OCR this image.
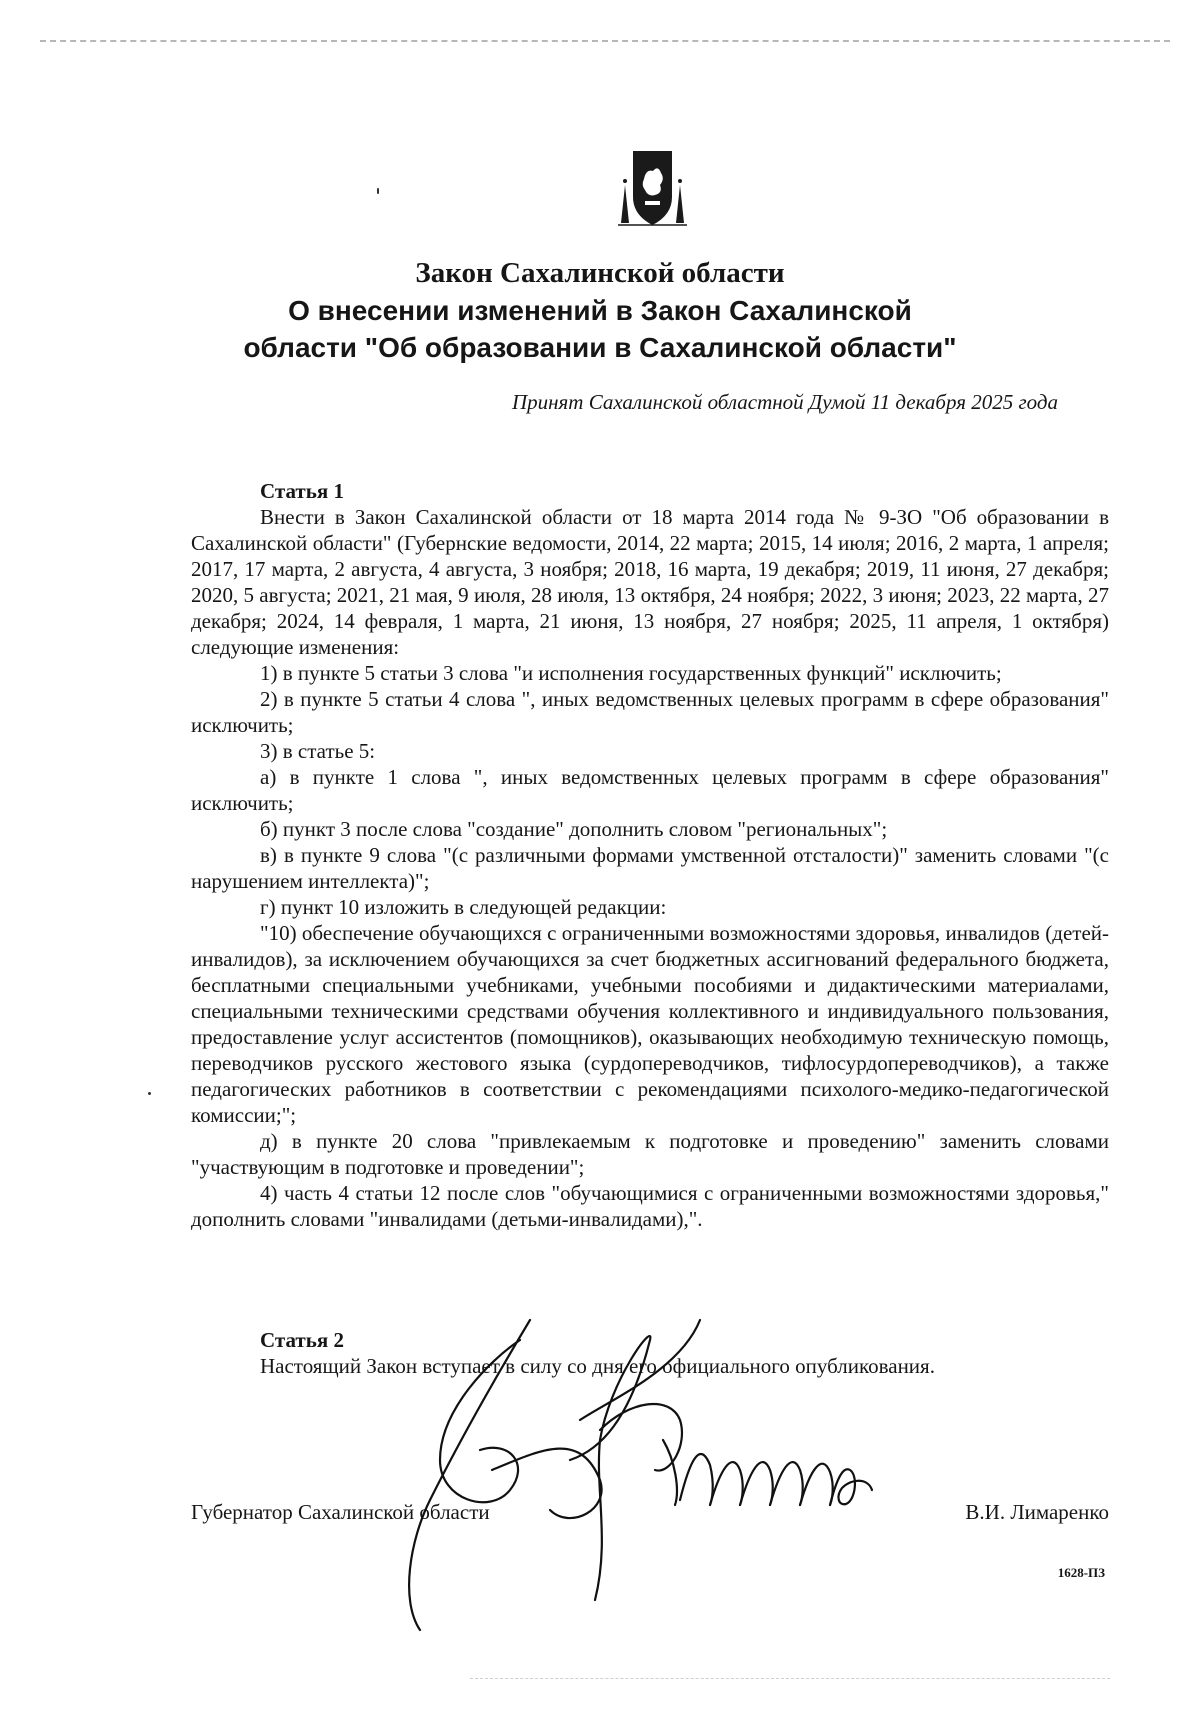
Закон Сахалинской области
О внесении изменений в Закон Сахалинской
области "Об образовании в Сахалинской области"
Принят Сахалинской областной Думой 11 декабря 2025 года
Статья 1
Внести в Закон Сахалинской области от 18 марта 2014 года № 9-ЗО "Об образовании в Сахалинской области" (Губернские ведомости, 2014, 22 марта; 2015, 14 июля; 2016, 2 марта, 1 апреля; 2017, 17 марта, 2 августа, 4 августа, 3 ноября; 2018, 16 марта, 19 декабря; 2019, 11 июня, 27 декабря; 2020, 5 августа; 2021, 21 мая, 9 июля, 28 июля, 13 октября, 24 ноября; 2022, 3 июня; 2023, 22 марта, 27 декабря; 2024, 14 февраля, 1 марта, 21 июня, 13 ноября, 27 ноября; 2025, 11 апреля, 1 октября) следующие изменения:
1) в пункте 5 статьи 3 слова "и исполнения государственных функций" исключить;
2) в пункте 5 статьи 4 слова ", иных ведомственных целевых программ в сфере образования" исключить;
3) в статье 5:
а) в пункте 1 слова ", иных ведомственных целевых программ в сфере образования" исключить;
б) пункт 3 после слова "создание" дополнить словом "региональных";
в) в пункте 9 слова "(с различными формами умственной отсталости)" заменить словами "(с нарушением интеллекта)";
г) пункт 10 изложить в следующей редакции:
"10) обеспечение обучающихся с ограниченными возможностями здоровья, инвалидов (детей-инвалидов), за исключением обучающихся за счет бюджетных ассигнований федерального бюджета, бесплатными специальными учебниками, учебными пособиями и дидактическими материалами, специальными техническими средствами обучения коллективного и индивидуального пользования, предоставление услуг ассистентов (помощников), оказывающих необходимую техническую помощь, переводчиков русского жестового языка (сурдопереводчиков, тифлосурдопереводчиков), а также педагогических работников в соответствии с рекомендациями психолого-медико-педагогической комиссии;";
д) в пункте 20 слова "привлекаемым к подготовке и проведению" заменить словами "участвующим в подготовке и проведении";
4) часть 4 статьи 12 после слов "обучающимися с ограниченными возможностями здоровья," дополнить словами "инвалидами (детьми-инвалидами),".
Статья 2
Настоящий Закон вступает в силу со дня его официального опубликования.
Губернатор Сахалинской области	В.И. Лимаренко
1628-ПЗ
